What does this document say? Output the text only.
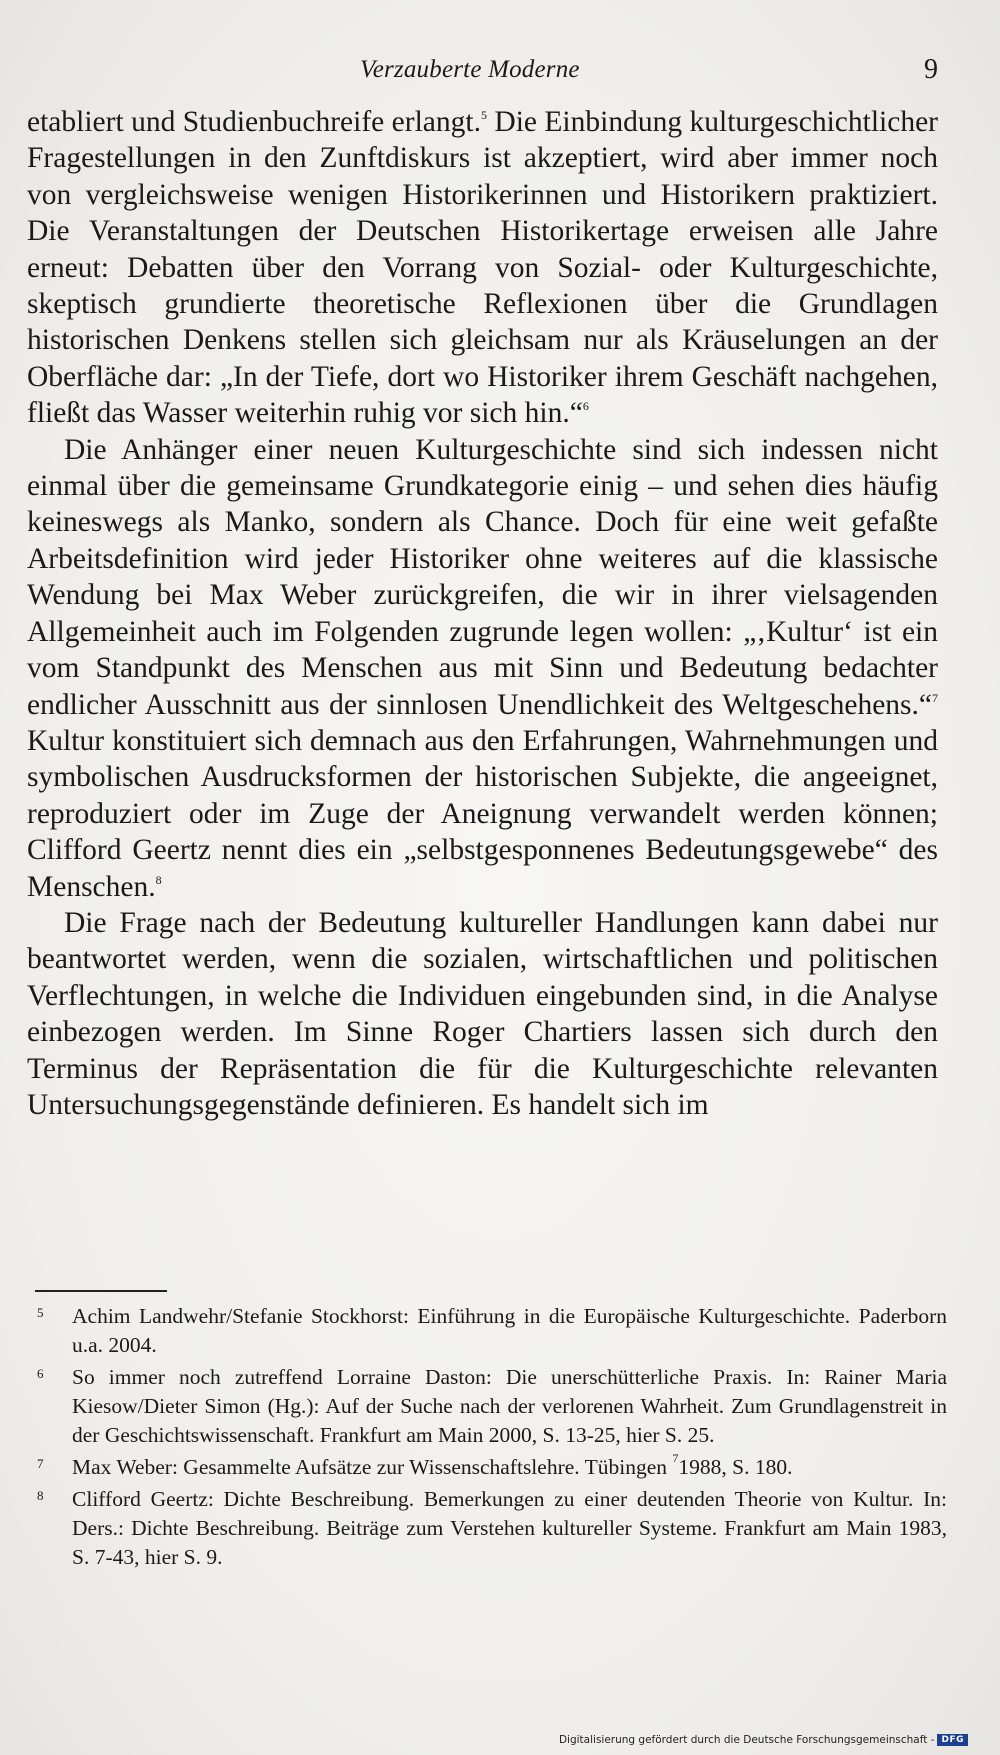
Verzauberte Moderne	9

etabliert und Studienbuchreife erlangt.$^5$ Die Einbindung kulturgeschichtlicher Fragestellungen in den Zunftdiskurs ist akzeptiert, wird aber immer noch von vergleichsweise wenigen Historikerinnen und Historikern praktiziert. Die Veranstaltungen der Deutschen Historikertage erweisen alle Jahre erneut: Debatten über den Vorrang von Sozial- oder Kulturgeschichte, skeptisch grundierte theoretische Reflexionen über die Grundlagen historischen Denkens stellen sich gleichsam nur als Kräuselungen an der Oberfläche dar: „In der Tiefe, dort wo Historiker ihrem Geschäft nachgehen, fließt das Wasser weiterhin ruhig vor sich hin.“$^6$

Die Anhänger einer neuen Kulturgeschichte sind sich indessen nicht einmal über die gemeinsame Grundkategorie einig – und sehen dies häufig keineswegs als Manko, sondern als Chance. Doch für eine weit gefaßte Arbeitsdefinition wird jeder Historiker ohne weiteres auf die klassische Wendung bei Max Weber zurückgreifen, die wir in ihrer vielsagenden Allgemeinheit auch im Folgenden zugrunde legen wollen: „‚Kultur‘ ist ein vom Standpunkt des Menschen aus mit Sinn und Bedeutung bedachter endlicher Ausschnitt aus der sinnlosen Unendlichkeit des Weltgeschehens.“$^7$ Kultur konstituiert sich demnach aus den Erfahrungen, Wahrnehmungen und symbolischen Ausdrucksformen der historischen Subjekte, die angeeignet, reproduziert oder im Zuge der Aneignung verwandelt werden können; Clifford Geertz nennt dies ein „selbstgesponnenes Bedeutungsgewebe“ des Menschen.$^8$

Die Frage nach der Bedeutung kultureller Handlungen kann dabei nur beantwortet werden, wenn die sozialen, wirtschaftlichen und politischen Verflechtungen, in welche die Individuen eingebunden sind, in die Analyse einbezogen werden. Im Sinne Roger Chartiers lassen sich durch den Terminus der Repräsentation die für die Kulturgeschichte relevanten Untersuchungsgegenstände definieren. Es handelt sich im

5 Achim Landwehr/Stefanie Stockhorst: Einführung in die Europäische Kulturgeschichte. Paderborn u.a. 2004.
6 So immer noch zutreffend Lorraine Daston: Die unerschütterliche Praxis. In: Rainer Maria Kiesow/Dieter Simon (Hg.): Auf der Suche nach der verlorenen Wahrheit. Zum Grundlagenstreit in der Geschichtswissenschaft. Frankfurt am Main 2000, S. 13-25, hier S. 25.
7 Max Weber: Gesammelte Aufsätze zur Wissenschaftslehre. Tübingen $^7$1988, S. 180.
8 Clifford Geertz: Dichte Beschreibung. Bemerkungen zu einer deutenden Theorie von Kultur. In: Ders.: Dichte Beschreibung. Beiträge zum Verstehen kultureller Systeme. Frankfurt am Main 1983, S. 7-43, hier S. 9.
Digitalisierung gefördert durch die Deutsche Forschungsgemeinschaft - DFG
